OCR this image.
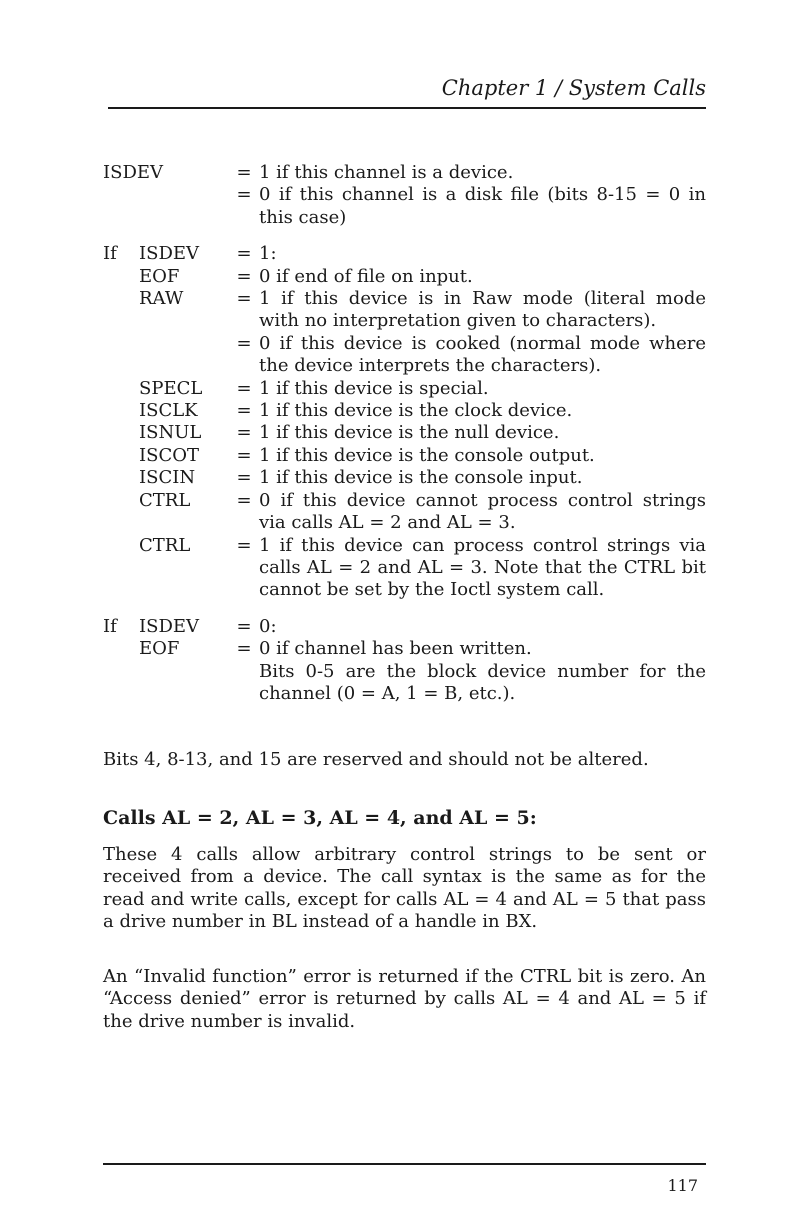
Chapter 1 / System Calls
ISDEV	= 1 if this channel is a device.
= 0 if this channel is a disk file (bits 8-15 = 0 in this case)
If	ISDEV	= 1:
EOF	= 0 if end of file on input.
RAW	= 1 if this device is in Raw mode (literal mode with no interpretation given to characters).
= 0 if this device is cooked (normal mode where the device interprets the characters).
SPECL	= 1 if this device is special.
ISCLK	= 1 if this device is the clock device.
ISNUL	= 1 if this device is the null device.
ISCOT	= 1 if this device is the console output.
ISCIN	= 1 if this device is the console input.
CTRL	= 0 if this device cannot process control strings via calls AL = 2 and AL = 3.
CTRL	= 1 if this device can process control strings via calls AL = 2 and AL = 3. Note that the CTRL bit cannot be set by the Ioctl system call.
If	ISDEV	= 0:
EOF	= 0 if channel has been written.
Bits 0-5 are the block device number for the channel (0 = A, 1 = B, etc.).
Bits 4, 8-13, and 15 are reserved and should not be altered.
Calls AL = 2, AL = 3, AL = 4, and AL = 5:
These 4 calls allow arbitrary control strings to be sent or received from a device. The call syntax is the same as for the read and write calls, except for calls AL = 4 and AL = 5 that pass a drive number in BL instead of a handle in BX.
An “Invalid function” error is returned if the CTRL bit is zero. An “Access denied” error is returned by calls AL = 4 and AL = 5 if the drive number is invalid.
117
